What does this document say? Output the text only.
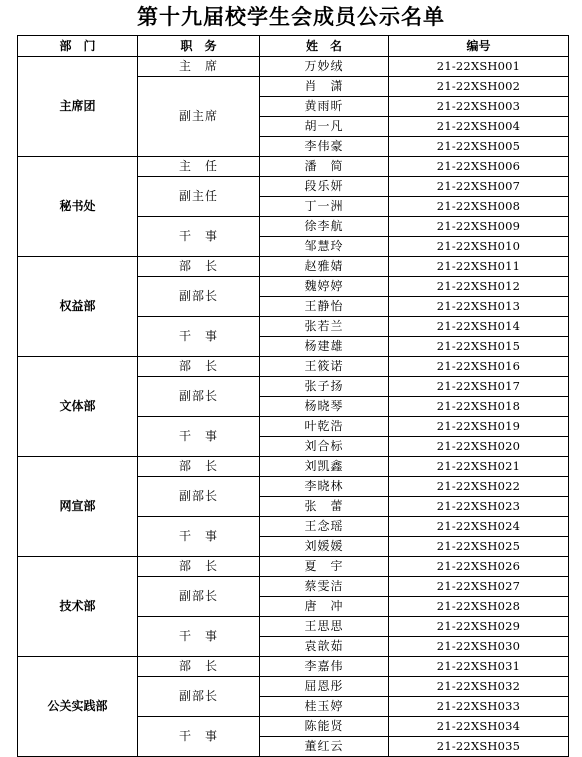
第十九届校学生会成员公示名单
部　门	职　务	姓　名	编号
主席团	主　席	万妙绒	21-22XSH001
	副主席	肖　潇	21-22XSH002
		黄雨昕	21-22XSH003
		胡一凡	21-22XSH004
		李伟豪	21-22XSH005
秘书处	主　任	潘　简	21-22XSH006
	副主任	段乐妍	21-22XSH007
		丁一洲	21-22XSH008
	干　事	徐李航	21-22XSH009
		邹慧玲	21-22XSH010
权益部	部　长	赵雅婧	21-22XSH011
	副部长	魏婷婷	21-22XSH012
		王静怡	21-22XSH013
	干　事	张若兰	21-22XSH014
		杨建雄	21-22XSH015
文体部	部　长	王筱诺	21-22XSH016
	副部长	张子扬	21-22XSH017
		杨晓琴	21-22XSH018
	干　事	叶乾浩	21-22XSH019
		刘合标	21-22XSH020
网宣部	部　长	刘凯鑫	21-22XSH021
	副部长	李晓林	21-22XSH022
		张　蕾	21-22XSH023
	干　事	王念瑶	21-22XSH024
		刘媛媛	21-22XSH025
技术部	部　长	夏　宇	21-22XSH026
	副部长	蔡雯洁	21-22XSH027
		唐　冲	21-22XSH028
	干　事	王思思	21-22XSH029
		袁歆茹	21-22XSH030
公关实践部	部　长	李嘉伟	21-22XSH031
	副部长	屈恩彤	21-22XSH032
		桂玉婷	21-22XSH033
	干　事	陈能贤	21-22XSH034
		董红云	21-22XSH035
